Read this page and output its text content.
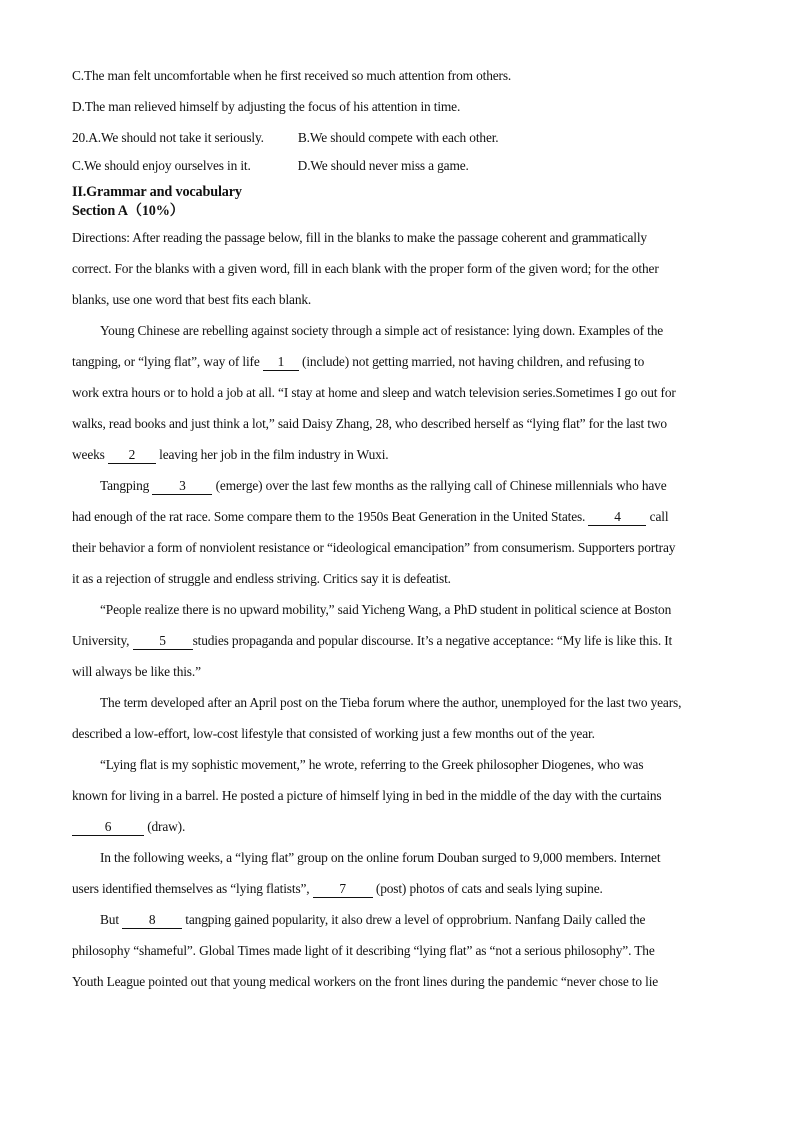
C.The man felt uncomfortable when he first received so much attention from others.
D.The man relieved himself by adjusting the focus of his attention in time.
20.A.We should not take it seriously.	B.We should compete with each other.
C.We should enjoy ourselves in it.	D.We should never miss a game.
II.Grammar and vocabulary
Section A（10%）
Directions: After reading the passage below, fill in the blanks to make the passage coherent and grammatically
correct. For the blanks with a given word, fill in each blank with the proper form of the given word; for the other
blanks, use one word that best fits each blank.
Young Chinese are rebelling against society through a simple act of resistance: lying down. Examples of the
tangping, or “lying flat”, way of life 1 (include) not getting married, not having children, and refusing to
work extra hours or to hold a job at all. “I stay at home and sleep and watch television series.Sometimes I go out for
walks, read books and just think a lot,” said Daisy Zhang, 28, who described herself as “lying flat” for the last two
weeks 2 leaving her job in the film industry in Wuxi.
Tangping 3 (emerge) over the last few months as the rallying call of Chinese millennials who have
had enough of the rat race. Some compare them to the 1950s Beat Generation in the United States. 4 call
their behavior a form of nonviolent resistance or “ideological emancipation” from consumerism. Supporters portray
it as a rejection of struggle and endless striving. Critics say it is defeatist.
“People realize there is no upward mobility,” said Yicheng Wang, a PhD student in political science at Boston
University, 5 studies propaganda and popular discourse. It’s a negative acceptance: “My life is like this. It
will always be like this.”
The term developed after an April post on the Tieba forum where the author, unemployed for the last two years,
described a low-effort, low-cost lifestyle that consisted of working just a few months out of the year.
“Lying flat is my sophistic movement,” he wrote, referring to the Greek philosopher Diogenes, who was
known for living in a barrel. He posted a picture of himself lying in bed in the middle of the day with the curtains
6 (draw).
In the following weeks, a “lying flat” group on the online forum Douban surged to 9,000 members. Internet
users identified themselves as “lying flatists”, 7 (post) photos of cats and seals lying supine.
But 8 tangping gained popularity, it also drew a level of opprobrium. Nanfang Daily called the
philosophy “shameful”. Global Times made light of it describing “lying flat” as “not a serious philosophy”. The
Youth League pointed out that young medical workers on the front lines during the pandemic “never chose to lie
